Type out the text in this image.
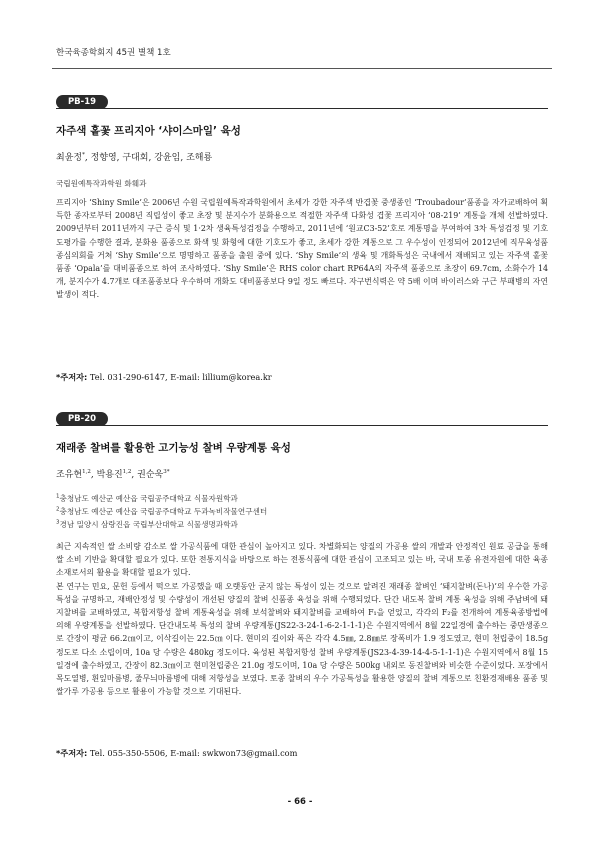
한국육종학회지 45권 별책 1호
PB-19
자주색 홑꽃 프리지아 ‘샤이스마일’ 육성
최윤정*, 정향영, 구대회, 강윤임, 조해룡
국립원예특작과학원 화훼과

프리지아 ‘Shiny Smile’은 2006년 수원 국립원예특작과학원에서 초세가 강한 자주색 반겹꽃 중생종인 ‘Troubadour’품종을 자가교배하여 획득한 종자로부터 2008년 직립성이 좋고 초장 및 분지수가 분화용으로 적절한 자주색 다화성 겹꽃 프리지아 ‘08-219’ 계통을 개체 선발하였다. 2009년부터 2011년까지 구근 증식 및 1·2차 생육특성검정을 수행하고, 2011년에 ‘원교C3-52’호로 계통명을 부여하여 3차 특성검정 및 기호도평가를 수행한 결과, 분화용 품종으로 화색 및 화형에 대한 기호도가 좋고, 초세가 강한 계통으로 그 우수성이 인정되어 2012년에 직무육성품종심의회를 거쳐 ‘Shy Smile’으로 명명하고 품종을 출원 중에 있다. ‘Shy Smile’의 생육 및 개화특성은 국내에서 재배되고 있는 자주색 홑꽃 품종 ‘Opala’를 대비품종으로 하여 조사하였다. ‘Shy Smile’은 RHS color chart RP64A의 자주색 품종으로 초장이 69.7cm, 소화수가 14개, 분지수가 4.7개로 대조품종보다 우수하며 개화도 대비품종보다 9일 정도 빠르다. 자구번식력은 약 5배 이며 바이러스와 구근 부패병의 자연발생이 적다.

*주저자: Tel. 031-290-6147, E-mail: lillium@korea.kr
PB-20
재래종 찰벼를 활용한 고기능성 찰벼 우량계통 육성
조유현$^{1,2}$, 박용진$^{1,2}$, 권순욱$^{3*}$
$^1$충청남도 예산군 예산읍 국립공주대학교 식물자원학과
$^2$충청남도 예산군 예산읍 국립공주대학교 두과녹비작물연구센터
$^3$경남 밀양시 삼랑진읍 국립부산대학교 식물생명과학과

최근 지속적인 쌀 소비량 감소로 쌀 가공식품에 대한 관심이 높아지고 있다. 차별화되는 양질의 가공용 쌀의 개발과 안정적인 원료 공급을 통해 쌀 소비 기반을 확대할 필요가 있다. 또한 전통지식을 바탕으로 하는 전통식품에 대한 관심이 고조되고 있는 바, 국내 토종 유전자원에 대한 육종 소재로서의 활용을 확대할 필요가 있다.

본 연구는 민요, 문헌 등에서 떡으로 가공했을 때 오랫동안 굳지 않는 특성이 있는 것으로 알려진 재래종 찰벼인 ‘돼지찰벼(돈나)’의 우수한 가공특성을 규명하고, 재배안정성 및 수량성이 개선된 양질의 찰벼 신품종 육성을 위해 수행되었다. 단간 내도복 찰벼 계통 육성을 위해 주남벼에 돼지찰벼를 교배하였고, 복합저항성 찰벼 계통육성을 위해 보석찰벼와 돼지찰벼를 교배하여 F₁을 얻었고, 각각의 F₂를 전개하여 계통육종방법에 의해 우량계통을 선발하였다. 단간내도복 특성의 찰벼 우량계통(JS22-3-24-1-6-2-1-1-1)은 수원지역에서 8월 22일경에 출수하는 중만생종으로 간장이 평균 66.2㎝이고, 이삭길이는 22.5㎝ 이다. 현미의 길이와 폭은 각각 4.5㎜, 2.8㎜로 장폭비가 1.9 정도였고, 현미 천립중이 18.5g 정도로 다소 소립이며, 10a 당 수량은 480kg 정도이다. 육성된 복합저항성 찰벼 우량계통(JS23-4-39-14-4-5-1-1-1)은 수원지역에서 8월 15일경에 출수하였고, 간장이 82.3㎝이고 현미천립중은 21.0g 정도이며, 10a 당 수량은 500kg 내외로 동진찰벼와 비슷한 수준이었다. 포장에서 목도열병, 흰잎마름병, 줄무늬마름병에 대해 저항성을 보였다. 토종 찰벼의 우수 가공특성을 활용한 양질의 찰벼 계통으로 친환경재배용 품종 및 쌀가루 가공용 등으로 활용이 가능할 것으로 기대된다.

*주저자: Tel. 055-350-5506, E-mail: swkwon73@gmail.com
- 66 -
